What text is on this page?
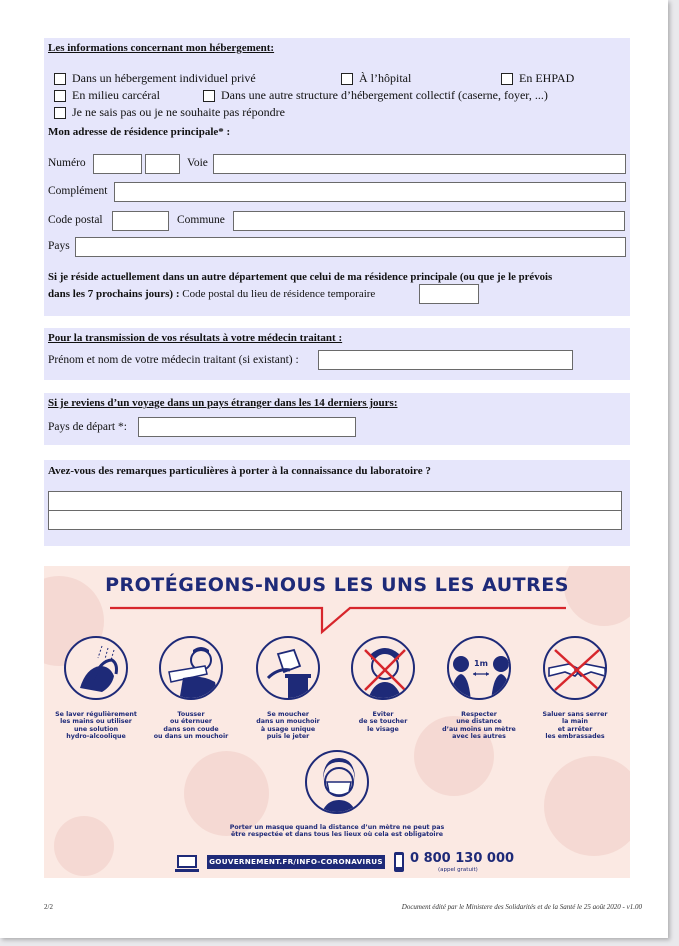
Les informations concernant mon hébergement:
Dans un hébergement individuel privé	À l’hôpital	En EHPAD
En milieu carcéral	Dans une autre structure d’hébergement collectif (caserne, foyer, ...)
Je ne sais pas ou je ne souhaite pas répondre
Mon adresse de résidence principale* :
Numéro	Voie
Complément
Code postal	Commune
Pays
Si je réside actuellement dans un autre département que celui de ma résidence principale (ou que je le prévois
dans les 7 prochains jours) : Code postal du lieu de résidence temporaire
Pour la transmission de vos résultats à votre médecin traitant :
Prénom et nom de votre médecin traitant (si existant) :
Si je reviens d’un voyage dans un pays étranger dans les 14 derniers jours:
Pays de départ *:
Avez-vous des remarques particulières à porter à la connaissance du laboratoire ?
PROTÉGEONS-NOUS LES UNS LES AUTRES
1m
Se laver régulièrement
les mains ou utiliser
une solution
hydro-alcoolique
Tousser
ou éternuer
dans son coude
ou dans un mouchoir
Se moucher
dans un mouchoir
à usage unique
puis le jeter
Eviter
de se toucher
le visage
Respecter
une distance
d’au moins un mètre
avec les autres
Saluer sans serrer
la main
et arrêter
les embrassades
Porter un masque quand la distance d’un mètre ne peut pas
être respectée et dans tous les lieux où cela est obligatoire
GOUVERNEMENT.FR/INFO-CORONAVIRUS 0 800 130 000
(appel gratuit)
2/2	Document édité par le Ministere des Solidarités et de la Santé le 25 août 2020 - v1.00
